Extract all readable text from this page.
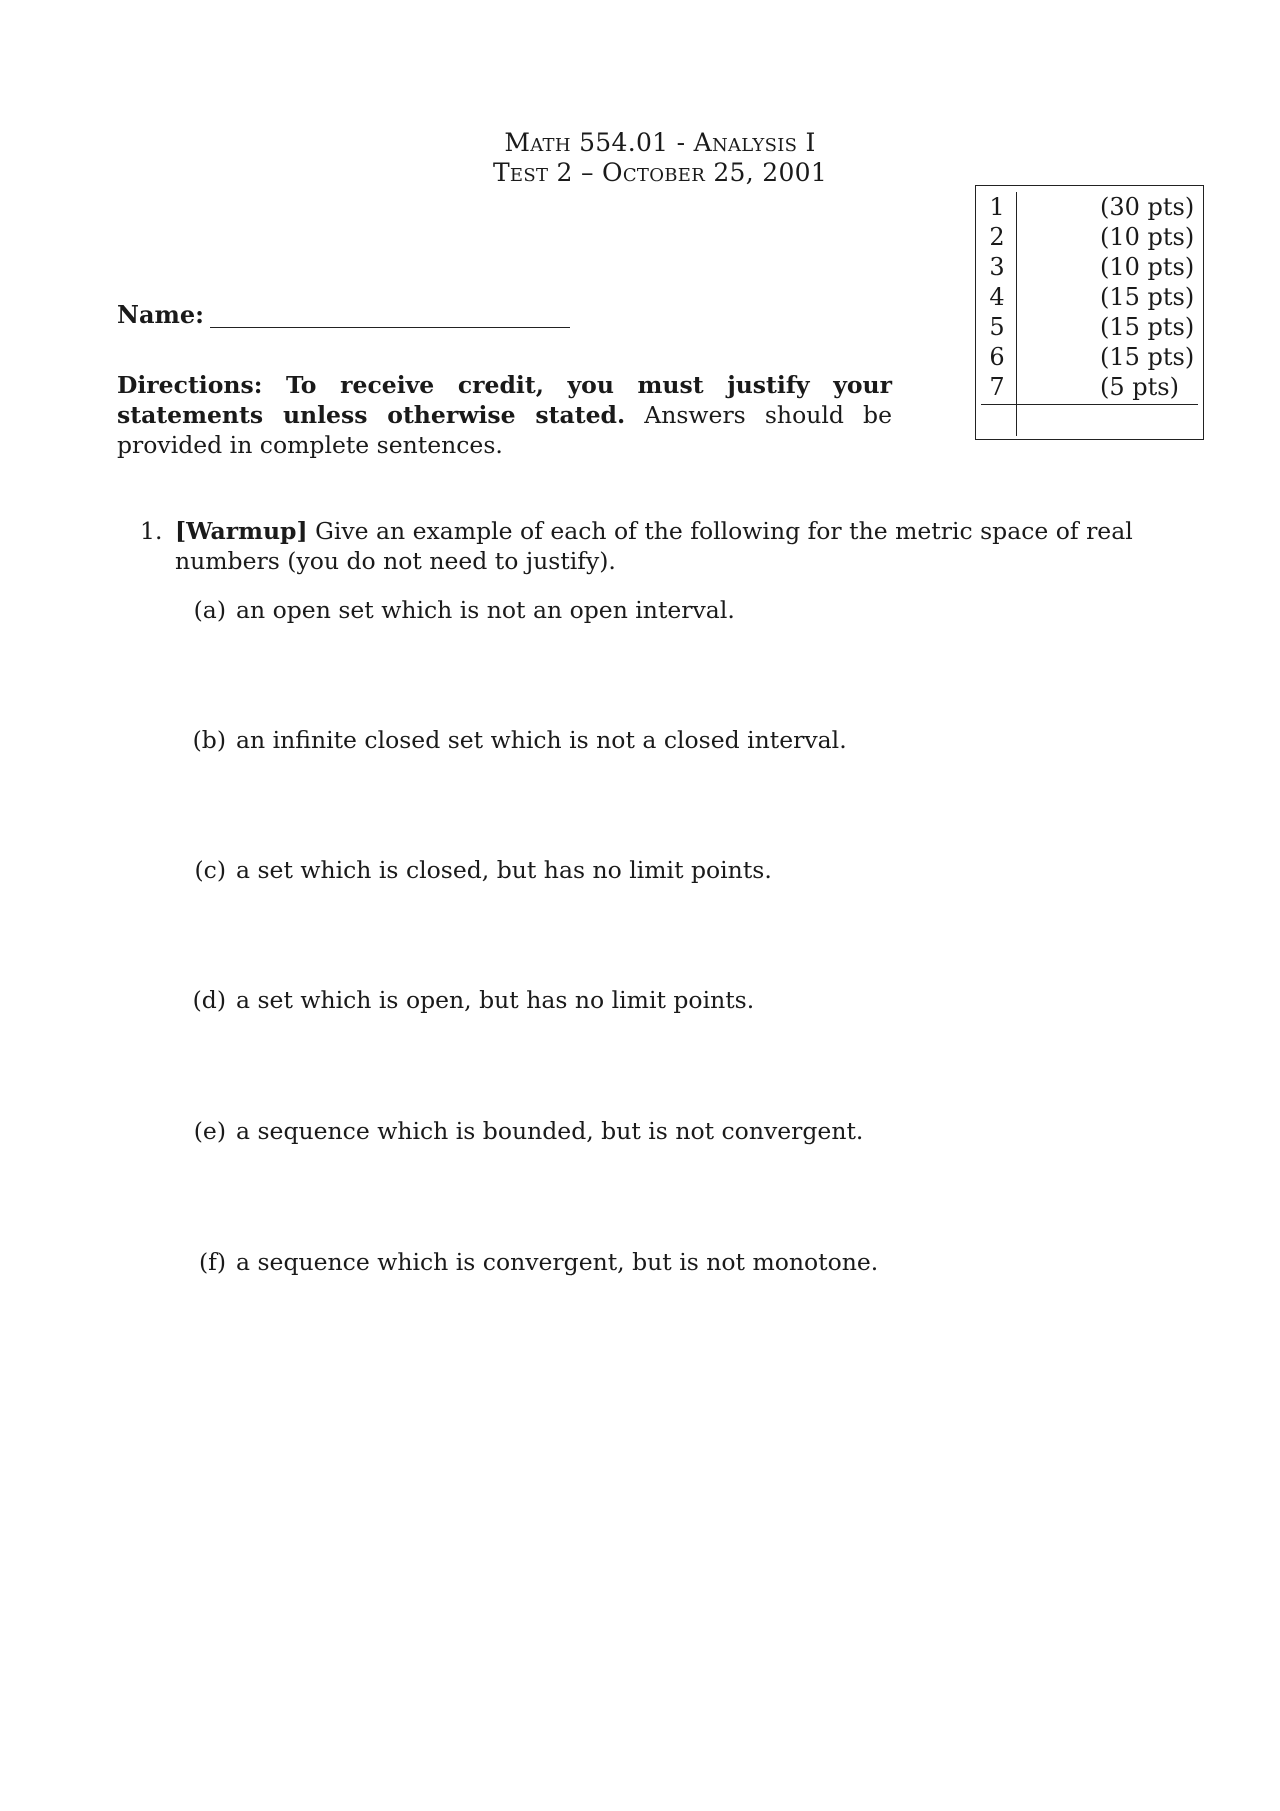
Math 554.01 - Analysis I
Test 2 – October 25, 2001
1	(30 pts)
2	(10 pts)
3	(10 pts)
4	(15 pts)
5	(15 pts)
6	(15 pts)
7	(5 pts)
Name:
Directions: To receive credit, you must justify your statements unless otherwise stated. Answers should be provided in complete sentences.
1. [Warmup] Give an example of each of the following for the metric space of real numbers (you do not need to justify).
(a) an open set which is not an open interval.
(b) an infinite closed set which is not a closed interval.
(c) a set which is closed, but has no limit points.
(d) a set which is open, but has no limit points.
(e) a sequence which is bounded, but is not convergent.
(f) a sequence which is convergent, but is not monotone.
